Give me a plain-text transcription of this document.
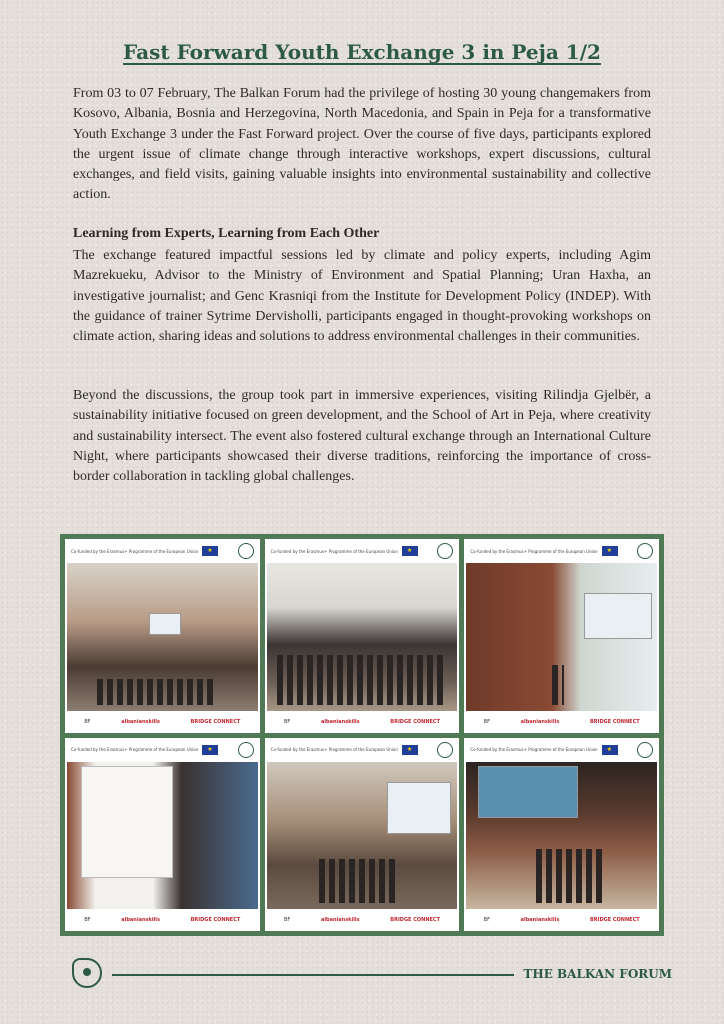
Fast Forward Youth Exchange 3 in Peja 1/2

From 03 to 07 February, The Balkan Forum had the privilege of hosting 30 young changemakers from Kosovo, Albania, Bosnia and Herzegovina, North Macedonia, and Spain in Peja for a transformative Youth Exchange 3 under the Fast Forward project. Over the course of five days, participants explored the urgent issue of climate change through interactive workshops, expert discussions, cultural exchanges, and field visits, gaining valuable insights into environmental sustainability and collective action.

Learning from Experts, Learning from Each Other

The exchange featured impactful sessions led by climate and policy experts, including Agim Mazrekueku, Advisor to the Ministry of Environment and Spatial Planning; Uran Haxha, an investigative journalist; and Genc Krasniqi from the Institute for Development Policy (INDEP). With the guidance of trainer Sytrime Dervisholli, participants engaged in thought-provoking workshops on climate action, sharing ideas and solutions to address environmental challenges in their communities.

Beyond the discussions, the group took part in immersive experiences, visiting Rilindja Gjelbër, a sustainability initiative focused on green development, and the School of Art in Peja, where creativity and sustainability intersect. The event also fostered cultural exchange through an International Culture Night, where participants showcased their diverse traditions, reinforcing the importance of cross-border collaboration in tackling global challenges.

Co-funded by the Erasmus+ Programme of the European Union
★
BF	albanianskills	BRIDGE CONNECT
Co-funded by the Erasmus+ Programme of the European Union
★
BF	albanianskills	BRIDGE CONNECT
Co-funded by the Erasmus+ Programme of the European Union
★
BF	albanianskills	BRIDGE CONNECT
Co-funded by the Erasmus+ Programme of the European Union
★
BF	albanianskills	BRIDGE CONNECT
Co-funded by the Erasmus+ Programme of the European Union
★
BF	albanianskills	BRIDGE CONNECT
Co-funded by the Erasmus+ Programme of the European Union
★
BF	albanianskills	BRIDGE CONNECT

THE BALKAN FORUM
